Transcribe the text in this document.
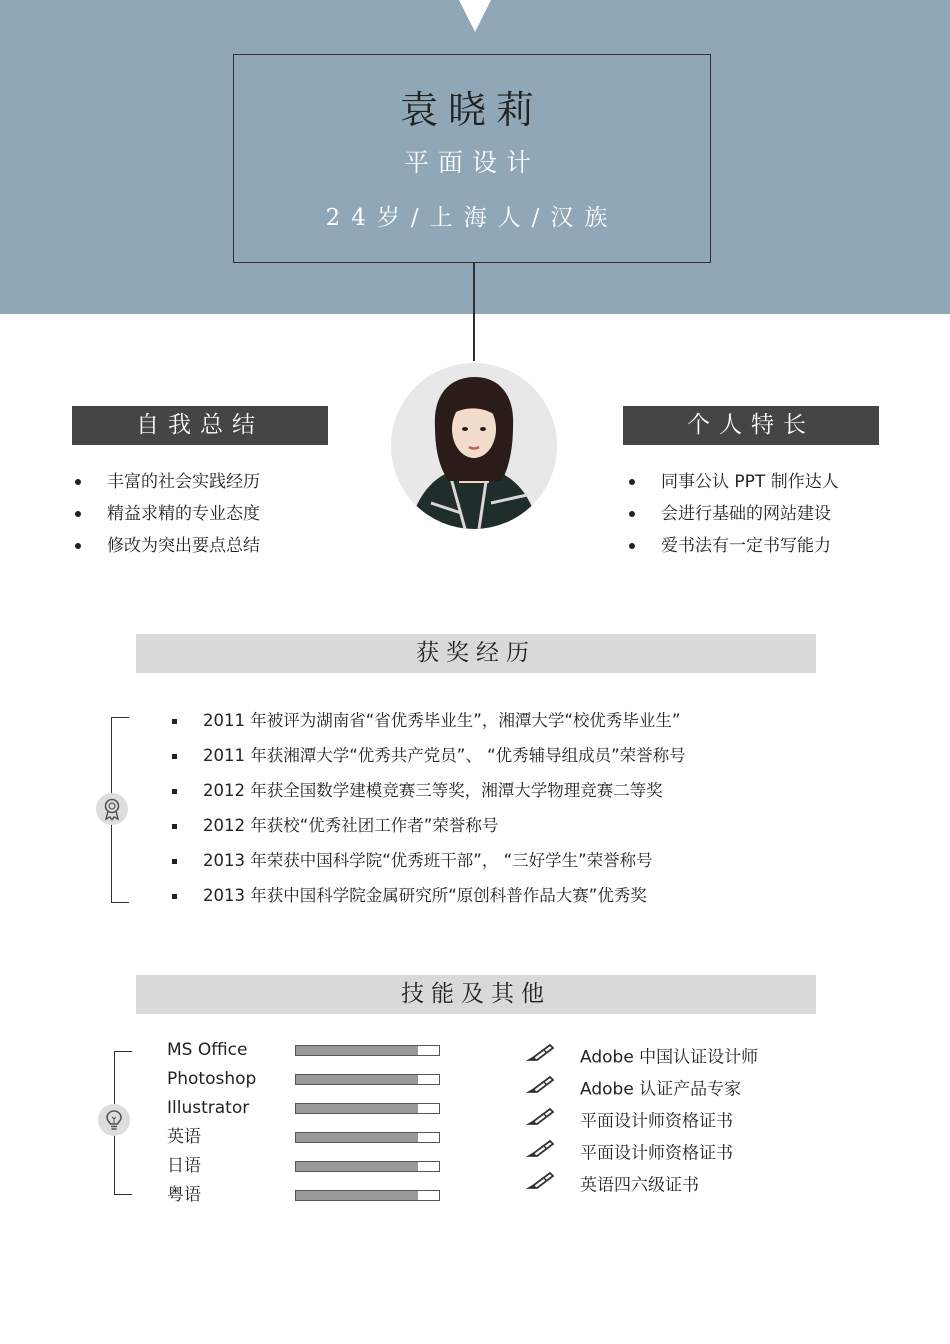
袁晓莉
平面设计
24岁/上海人/汉族
自我总结
丰富的社会实践经历
精益求精的专业态度
修改为突出要点总结
个人特长
同事公认 PPT 制作达人
会进行基础的网站建设
爱书法有一定书写能力
获奖经历
2011 年被评为湖南省“省优秀毕业生”，湘潭大学“校优秀毕业生”
2011 年获湘潭大学“优秀共产党员”、 “优秀辅导组成员”荣誉称号
2012 年获全国数学建模竞赛三等奖，湘潭大学物理竞赛二等奖
2012 年获校“优秀社团工作者”荣誉称号
2013 年荣获中国科学院“优秀班干部”， “三好学生”荣誉称号
2013 年获中国科学院金属研究所“原创科普作品大赛”优秀奖
技能及其他
MS Office
Photoshop
Illustrator
英语
日语
粤语
Adobe 中国认证设计师
Adobe 认证产品专家
平面设计师资格证书
平面设计师资格证书
英语四六级证书
